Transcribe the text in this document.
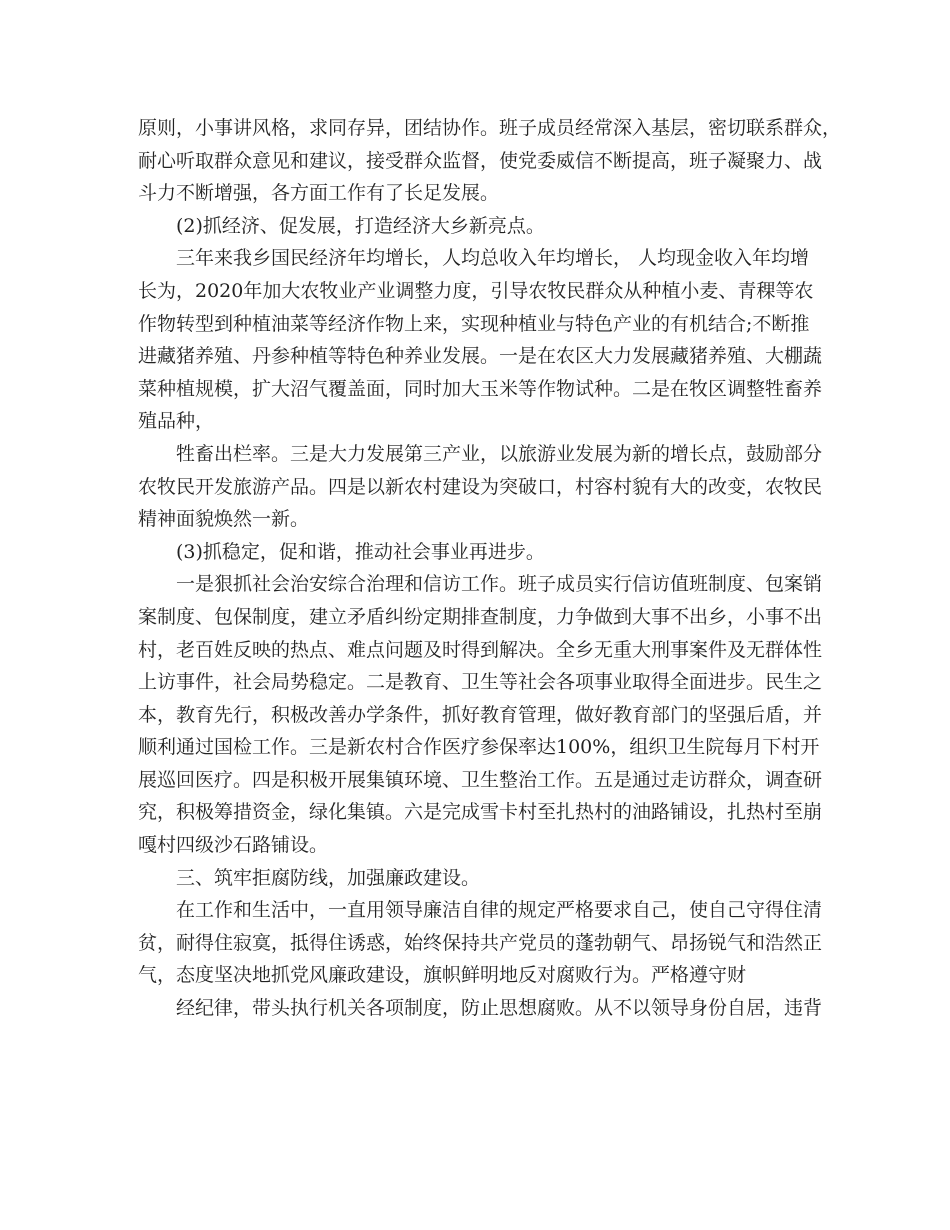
原则，小事讲风格，求同存异，团结协作。班子成员经常深入基层，密切联系群众，
耐心听取群众意见和建议，接受群众监督，使党委威信不断提高，班子凝聚力、战
斗力不断增强，各方面工作有了长足发展。
(2)抓经济、促发展，打造经济大乡新亮点。
三年来我乡国民经济年均增长，人均总收入年均增长， 人均现金收入年均增
长为，2020年加大农牧业产业调整力度，引导农牧民群众从种植小麦、青稞等农
作物转型到种植油菜等经济作物上来，实现种植业与特色产业的有机结合;不断推
进藏猪养殖、丹参种植等特色种养业发展。一是在农区大力发展藏猪养殖、大棚蔬
菜种植规模，扩大沼气覆盖面，同时加大玉米等作物试种。二是在牧区调整牲畜养
殖品种，
牲畜出栏率。三是大力发展第三产业，以旅游业发展为新的增长点，鼓励部分
农牧民开发旅游产品。四是以新农村建设为突破口，村容村貌有大的改变，农牧民
精神面貌焕然一新。
(3)抓稳定，促和谐，推动社会事业再进步。
一是狠抓社会治安综合治理和信访工作。班子成员实行信访值班制度、包案销
案制度、包保制度，建立矛盾纠纷定期排查制度，力争做到大事不出乡，小事不出
村，老百姓反映的热点、难点问题及时得到解决。全乡无重大刑事案件及无群体性
上访事件，社会局势稳定。二是教育、卫生等社会各项事业取得全面进步。民生之
本，教育先行，积极改善办学条件，抓好教育管理，做好教育部门的坚强后盾，并
顺利通过国检工作。三是新农村合作医疗参保率达100%，组织卫生院每月下村开
展巡回医疗。四是积极开展集镇环境、卫生整治工作。五是通过走访群众，调查研
究，积极筹措资金，绿化集镇。六是完成雪卡村至扎热村的油路铺设，扎热村至崩
嘎村四级沙石路铺设。
三、筑牢拒腐防线，加强廉政建设。
在工作和生活中，一直用领导廉洁自律的规定严格要求自己，使自己守得住清
贫，耐得住寂寞，抵得住诱惑，始终保持共产党员的蓬勃朝气、昂扬锐气和浩然正
气，态度坚决地抓党风廉政建设，旗帜鲜明地反对腐败行为。严格遵守财
经纪律，带头执行机关各项制度，防止思想腐败。从不以领导身份自居，违背
